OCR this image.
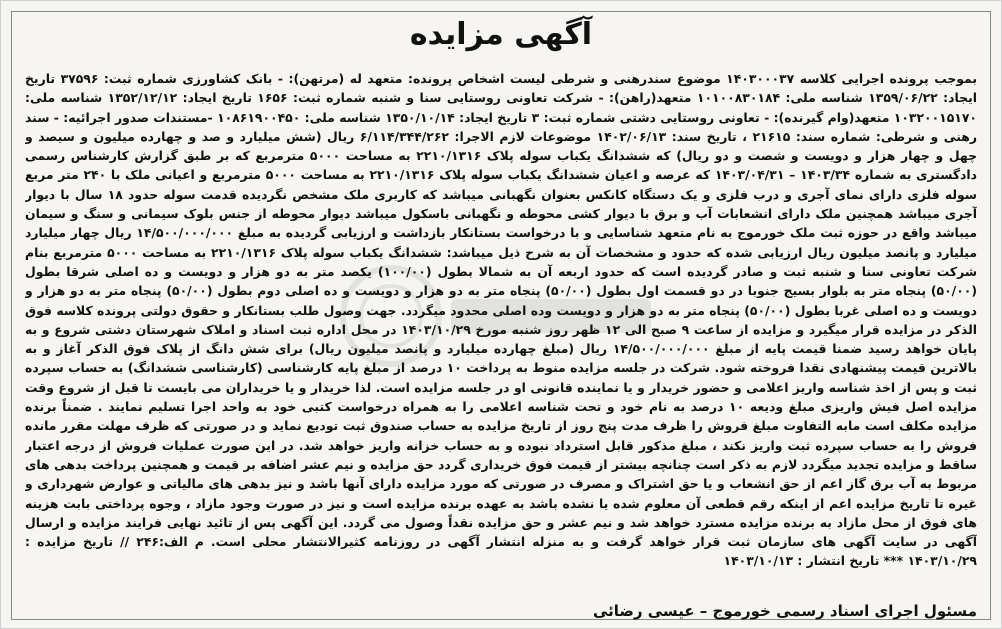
آگهی مزایده
بموجب پرونده اجرایی کلاسه ۱۴۰۳۰۰۰۳۷ موضوع سندرهنی و شرطی لیست اشخاص پرونده: متعهد له (مرتهن): - بانک کشاورزی شماره ثبت: ۳۷۵۹۶ تاریخ ایجاد: ۱۳۵۹/۰۶/۲۲ شناسه ملی: ۱۰۱۰۰۸۳۰۱۸۴ متعهد(راهن): - شرکت تعاونی روستایی سنا و شنبه شماره ثبت: ۱۶۵۶ تاریخ ایجاد: ۱۳۵۲/۱۲/۱۲ شناسه ملی: ۱۰۳۲۰۰۱۵۱۷۰ متعهد(وام گیرنده): - تعاونی روستایی دشتی شماره ثبت: ۳ تاریخ ایجاد: ۱۳۵۰/۱۰/۱۴ شناسه ملی: ۱۰۸۶۱۹۰۰۴۵۰ -مستندات صدور اجرائیه: - سند رهنی و شرطی: شماره سند: ۲۱۶۱۵ ، تاریخ سند: ۱۴۰۲/۰۶/۱۳ موضوعات لازم الاجرا: ۶/۱۱۴/۳۴۴/۲۶۲ ریال (شش میلیارد و صد و چهارده میلیون و سیصد و چهل و چهار هزار و دویست و شصت و دو ریال) که ششدانگ یکباب سوله پلاک ۲۲۱۰/۱۳۱۶ به مساحت ۵۰۰۰ مترمربع که بر طبق گزارش کارشناس رسمی دادگستری به شماره ۱۴۰۳/۳۴ – ۱۴۰۳/۰۴/۳۱ که عرصه و اعیان ششدانگ یکباب سوله پلاک ۲۲۱۰/۱۳۱۶ به مساحت ۵۰۰۰ مترمربع و اعیانی ملک با ۲۴۰ متر مربع سوله فلزی دارای نمای آجری و درب فلزی و یک دستگاه کانکس بعنوان نگهبانی میباشد که کاربری ملک مشخص نگردیده قدمت سوله حدود ۱۸ سال با دیوار آجری میباشد همچنین ملک دارای انشعابات آب و برق با دیوار کشی محوطه و نگهبانی باسکول میباشد دیوار محوطه از جنس بلوک سیمانی و سنگ و سیمان میباشد واقع در حوزه ثبت ملک خورموج به نام متعهد شناسایی و با درخواست بستانکار بازداشت و ارزیابی گردیده به مبلغ ۱۴/۵۰۰/۰۰۰/۰۰۰ ریال چهار میلیارد میلیارد و پانصد میلیون ریال ارزیابی شده که حدود و مشخصات آن به شرح ذیل میباشد: ششدانگ یکباب سوله پلاک ۲۲۱۰/۱۳۱۶ به مساحت ۵۰۰۰ مترمربع بنام شرکت تعاونی سنا و شنبه ثبت و صادر گردیده است که حدود اربعه آن به شمالا بطول (۱۰۰/۰۰) یکصد متر به دو هزار و دویست و ده اصلی شرقا بطول (۵۰/۰۰) پنجاه متر به بلوار بسیج جنوبا در دو قسمت اول بطول (۵۰/۰۰) پنجاه متر به دو هزار و دویست و ده اصلی دوم بطول (۵۰/۰۰) پنجاه متر به دو هزار و دویست و ده اصلی غربا بطول (۵۰/۰۰) پنجاه متر به دو هزار و دویست وده اصلی محدود میگردد. جهت وصول طلب بستانکار و حقوق دولتی پرونده کلاسه فوق الذکر در مزایده قرار میگیرد و مزایده از ساعت ۹ صبح الی ۱۲ ظهر روز شنبه مورخ ۱۴۰۳/۱۰/۲۹ در محل اداره ثبت اسناد و املاک شهرستان دشتی شروع و به پایان خواهد رسید ضمنا قیمت پایه از مبلغ ۱۴/۵۰۰/۰۰۰/۰۰۰ ریال (مبلغ چهارده میلیارد و پانصد میلیون ریال) برای شش دانگ از پلاک فوق الذکر آغاز و به بالاترین قیمت پیشنهادی نقدا فروخته شود. شرکت در جلسه مزایده منوط به پرداخت ۱۰ درصد از مبلغ پایه کارشناسی (کارشناسی ششدانگ) به حساب سپرده ثبت و پس از اخذ شناسه واریز اعلامی و حضور خریدار و یا نماینده قانونی او در جلسه مزایده است. لذا خریدار و یا خریداران می بایست تا قبل از شروع وقت مزایده اصل فیش واریزی مبلغ ودیعه ۱۰ درصد به نام خود و تحت شناسه اعلامی را به همراه درخواست کتبی خود به واحد اجرا تسلیم نمایند . ضمناً برنده مزایده مکلف است مابه التفاوت مبلغ فروش را ظرف مدت پنج روز از تاریخ مزایده به حساب صندوق ثبت تودیع نماید و در صورتی که ظرف مهلت مقرر مانده فروش را به حساب سپرده ثبت واریز نکند ، مبلغ مذکور قابل استرداد نبوده و به حساب خزانه واریز خواهد شد. در این صورت عملیات فروش از درجه اعتبار ساقط و مزایده تجدید میگردد لازم به ذکر است چنانچه بیشتر از قیمت فوق خریداری گردد حق مزایده و نیم عشر اضافه بر قیمت و همچنین پرداخت بدهی های مربوط به آب برق گاز اعم از حق انشعاب و یا حق اشتراک و مصرف در صورتی که مورد مزایده دارای آنها باشد و نیز بدهی های مالیاتی و عوارض شهرداری و غیره تا تاریخ مزایده اعم از اینکه رقم قطعی آن معلوم شده یا نشده باشد به عهده برنده مزایده است و نیز در صورت وجود مازاد ، وجوه پرداختی بابت هزینه های فوق از محل مازاد به برنده مزایده مسترد خواهد شد و نیم عشر و حق مزایده نقداً وصول می گردد. این آگهی پس از تائید نهایی فرایند مزایده و ارسال آگهی در سایت آگهی های سازمان ثبت قرار خواهد گرفت و به منزله انتشار آگهی در روزنامه کثیرالانتشار محلی است. م الف:۲۴۶ // تاریخ مزایده : ۱۴۰۳/۱۰/۲۹ *** تاریخ انتشار : ۱۴۰۳/۱۰/۱۳
مسئول اجرای اسناد رسمی خورموج – عیسی رضائی
